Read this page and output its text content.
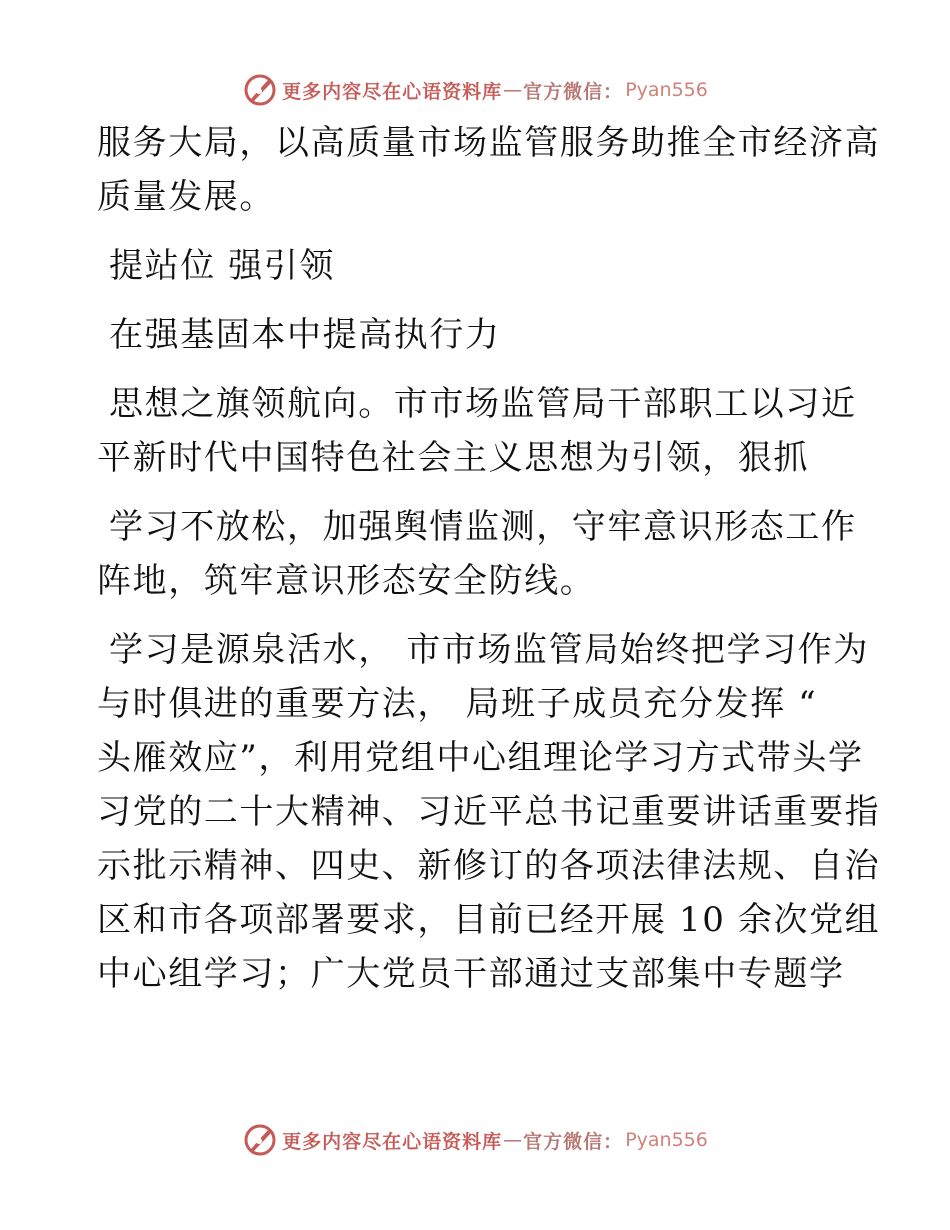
更多内容尽在心语资料库 — 官方微信： Pyan556
服务大局，以高质量市场监管服务助推全市经济高
质量发展。
提站位 强引领
在强基固本中提高执行力
思想之旗领航向。市市场监管局干部职工以习近
平新时代中国特色社会主义思想为引领，狠抓
学习不放松，加强舆情监测，守牢意识形态工作
阵地，筑牢意识形态安全防线。
学习是源泉活水， 市市场监管局始终把学习作为
与时俱进的重要方法， 局班子成员充分发挥 “
头雁效应”，利用党组中心组理论学习方式带头学
习党的二十大精神、习近平总书记重要讲话重要指
示批示精神、四史、新修订的各项法律法规、自治
区和市各项部署要求，目前已经开展 10 余次党组
中心组学习；广大党员干部通过支部集中专题学
更多内容尽在心语资料库 — 官方微信： Pyan556
